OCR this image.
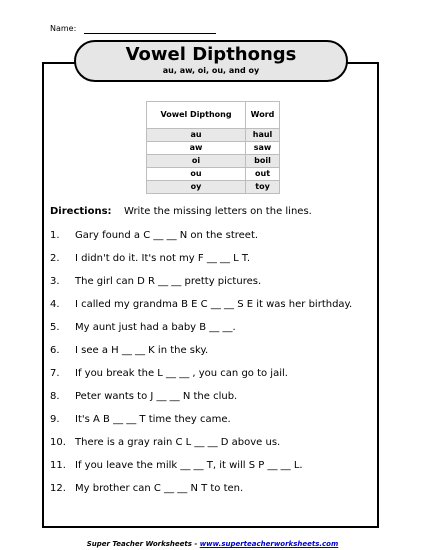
Name:
Vowel Dipthongs
au, aw, oi, ou, and oy
Vowel Dipthong	Word
au	haul
aw	saw
oi	boil
ou	out
oy	toy
Directions: Write the missing letters on the lines.
1. Gary found a C __ __ N on the street.
2. I didn't do it. It's not my F __ __ L T.
3. The girl can D R __ __ pretty pictures.
4. I called my grandma B E C __ __ S E it was her birthday.
5. My aunt just had a baby B __ __.
6. I see a H __ __ K in the sky.
7. If you break the L __ __ , you can go to jail.
8. Peter wants to J __ __ N the club.
9. It's A B __ __ T time they came.
10. There is a gray rain C L __ __ D above us.
11. If you leave the milk __ __ T, it will S P __ __ L.
12. My brother can C __ __ N T to ten.
Super Teacher Worksheets - www.superteacherworksheets.com
